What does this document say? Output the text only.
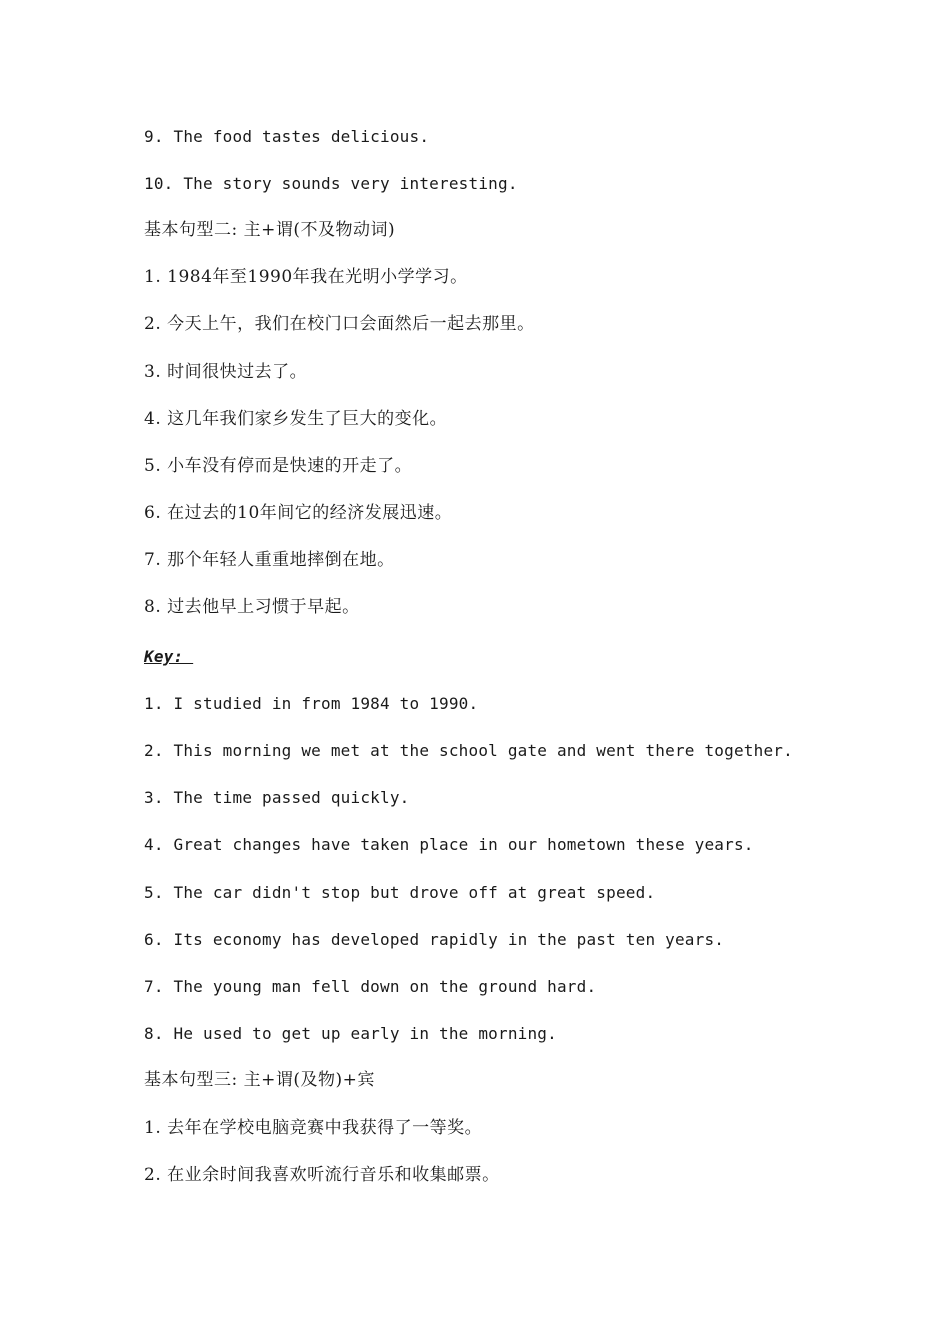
9. The food tastes delicious.
10. The story sounds very interesting.
基本句型二: 主+谓(不及物动词)
1. 1984年至1990年我在光明小学学习。
2. 今天上午，我们在校门口会面然后一起去那里。
3. 时间很快过去了。
4. 这几年我们家乡发生了巨大的变化。
5. 小车没有停而是快速的开走了。
6. 在过去的10年间它的经济发展迅速。
7. 那个年轻人重重地摔倒在地。
8. 过去他早上习惯于早起。
Key:
1. I studied in from 1984 to 1990.
2. This morning we met at the school gate and went there together.
3. The time passed quickly.
4. Great changes have taken place in our hometown these years.
5. The car didn't stop but drove off at great speed.
6. Its economy has developed rapidly in the past ten years.
7. The young man fell down on the ground hard.
8. He used to get up early in the morning.
基本句型三: 主+谓(及物)+宾
1. 去年在学校电脑竞赛中我获得了一等奖。
2. 在业余时间我喜欢听流行音乐和收集邮票。
